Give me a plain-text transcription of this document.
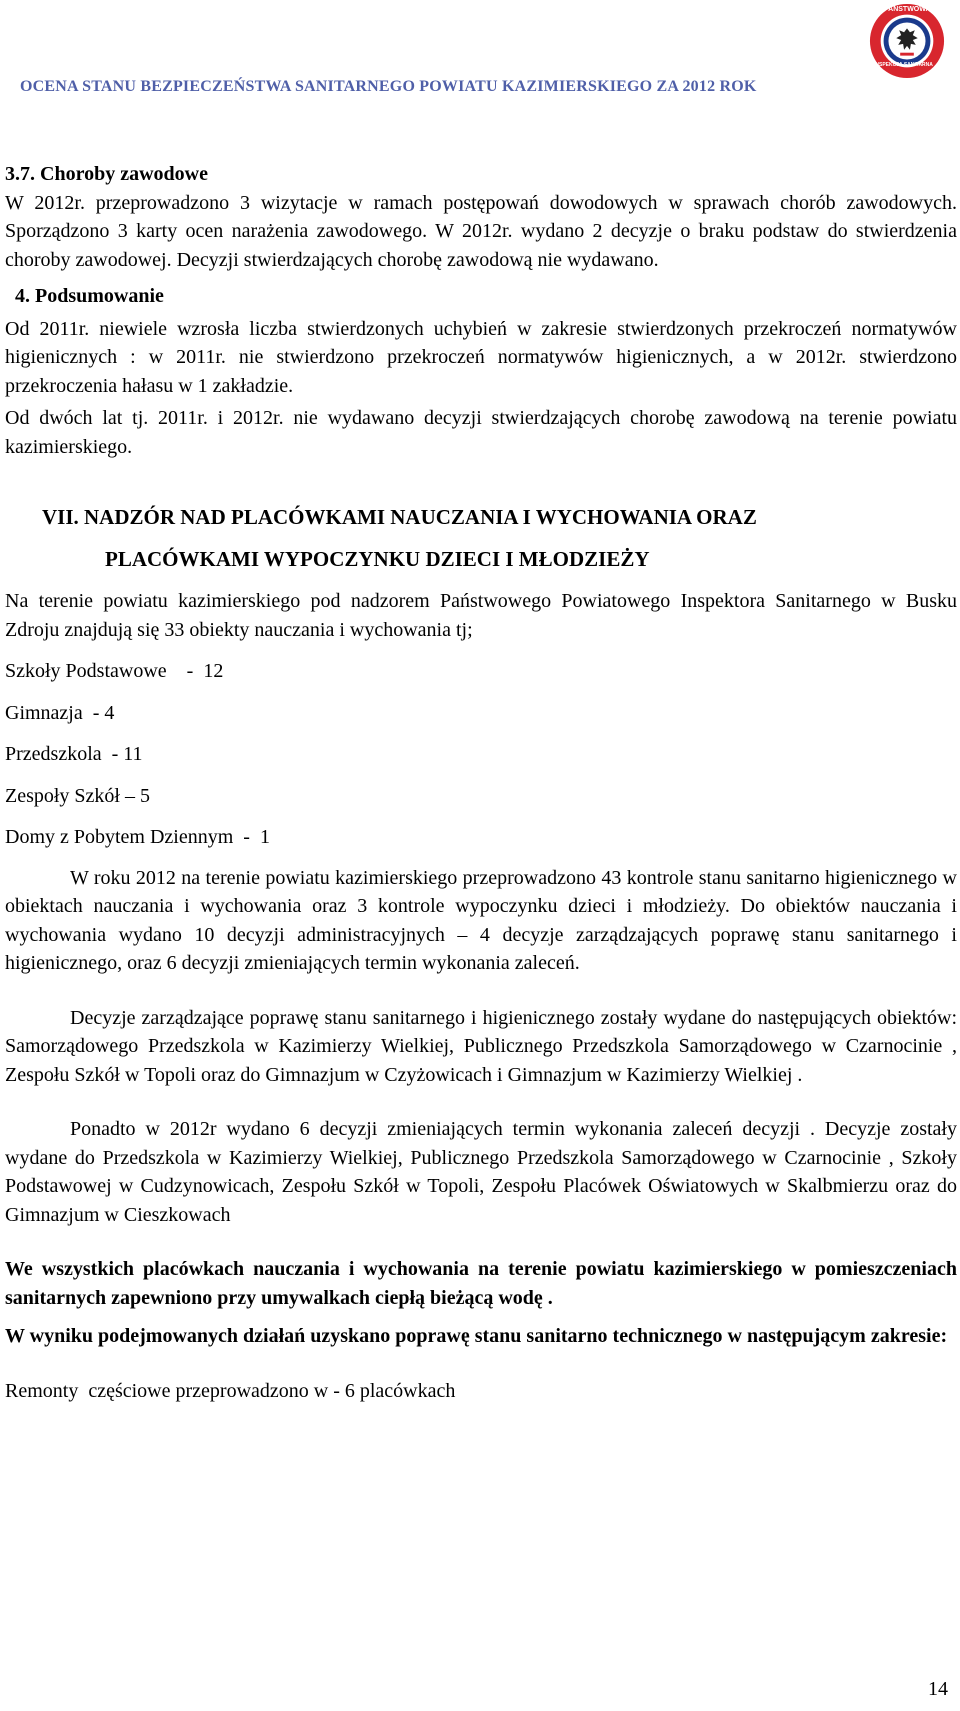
OCENA STANU BEZPIECZEŃSTWA SANITARNEGO POWIATU KAZIMIERSKIEGO ZA 2012 ROK
PAŃSTWOWA
INSPEKCJA SANITARNA
3.7. Choroby zawodowe

W 2012r. przeprowadzono 3 wizytacje w ramach postępowań dowodowych w sprawach chorób zawodowych. Sporządzono 3 karty ocen narażenia zawodowego. W 2012r. wydano 2 decyzje o braku podstaw do stwierdzenia choroby zawodowej. Decyzji stwierdzających chorobę zawodową nie wydawano.

4. Podsumowanie

Od 2011r. niewiele wzrosła liczba stwierdzonych uchybień w zakresie stwierdzonych przekroczeń normatywów higienicznych : w 2011r. nie stwierdzono przekroczeń normatywów higienicznych, a w 2012r. stwierdzono przekroczenia hałasu w 1 zakładzie.

Od dwóch lat tj. 2011r. i 2012r. nie wydawano decyzji stwierdzających chorobę zawodową na terenie powiatu kazimierskiego.

VII. NADZÓR NAD PLACÓWKAMI NAUCZANIA I WYCHOWANIA ORAZ

PLACÓWKAMI WYPOCZYNKU DZIECI I MŁODZIEŻY

Na terenie powiatu kazimierskiego pod nadzorem Państwowego Powiatowego Inspektora Sanitarnego w Busku Zdroju znajdują się 33 obiekty nauczania i wychowania tj;

Szkoły Podstawowe    -  12

Gimnazja  - 4

Przedszkola  - 11

Zespoły Szkół – 5

Domy z Pobytem Dziennym  -  1

W roku 2012 na terenie powiatu kazimierskiego przeprowadzono 43 kontrole stanu sanitarno higienicznego w obiektach nauczania i wychowania oraz 3 kontrole wypoczynku dzieci i młodzieży. Do obiektów nauczania i wychowania wydano 10 decyzji administracyjnych – 4 decyzje zarządzających poprawę stanu sanitarnego i higienicznego, oraz 6 decyzji zmieniających termin wykonania zaleceń.

Decyzje zarządzające poprawę stanu sanitarnego i higienicznego zostały wydane do następujących obiektów: Samorządowego Przedszkola w Kazimierzy Wielkiej, Publicznego Przedszkola Samorządowego w Czarnocinie , Zespołu Szkół w Topoli oraz do Gimnazjum w Czyżowicach i Gimnazjum w Kazimierzy Wielkiej .

Ponadto w 2012r wydano 6 decyzji zmieniających termin wykonania zaleceń decyzji . Decyzje zostały wydane do Przedszkola w Kazimierzy Wielkiej, Publicznego Przedszkola Samorządowego w Czarnocinie , Szkoły Podstawowej w Cudzynowicach, Zespołu Szkół w Topoli, Zespołu Placówek Oświatowych w Skalbmierzu oraz do Gimnazjum w Cieszkowach

We wszystkich placówkach nauczania i wychowania na terenie powiatu kazimierskiego w pomieszczeniach sanitarnych zapewniono przy umywalkach ciepłą bieżącą wodę .

W wyniku podejmowanych działań uzyskano poprawę stanu sanitarno technicznego w następującym zakresie:

Remonty  częściowe przeprowadzono w - 6 placówkach

14
